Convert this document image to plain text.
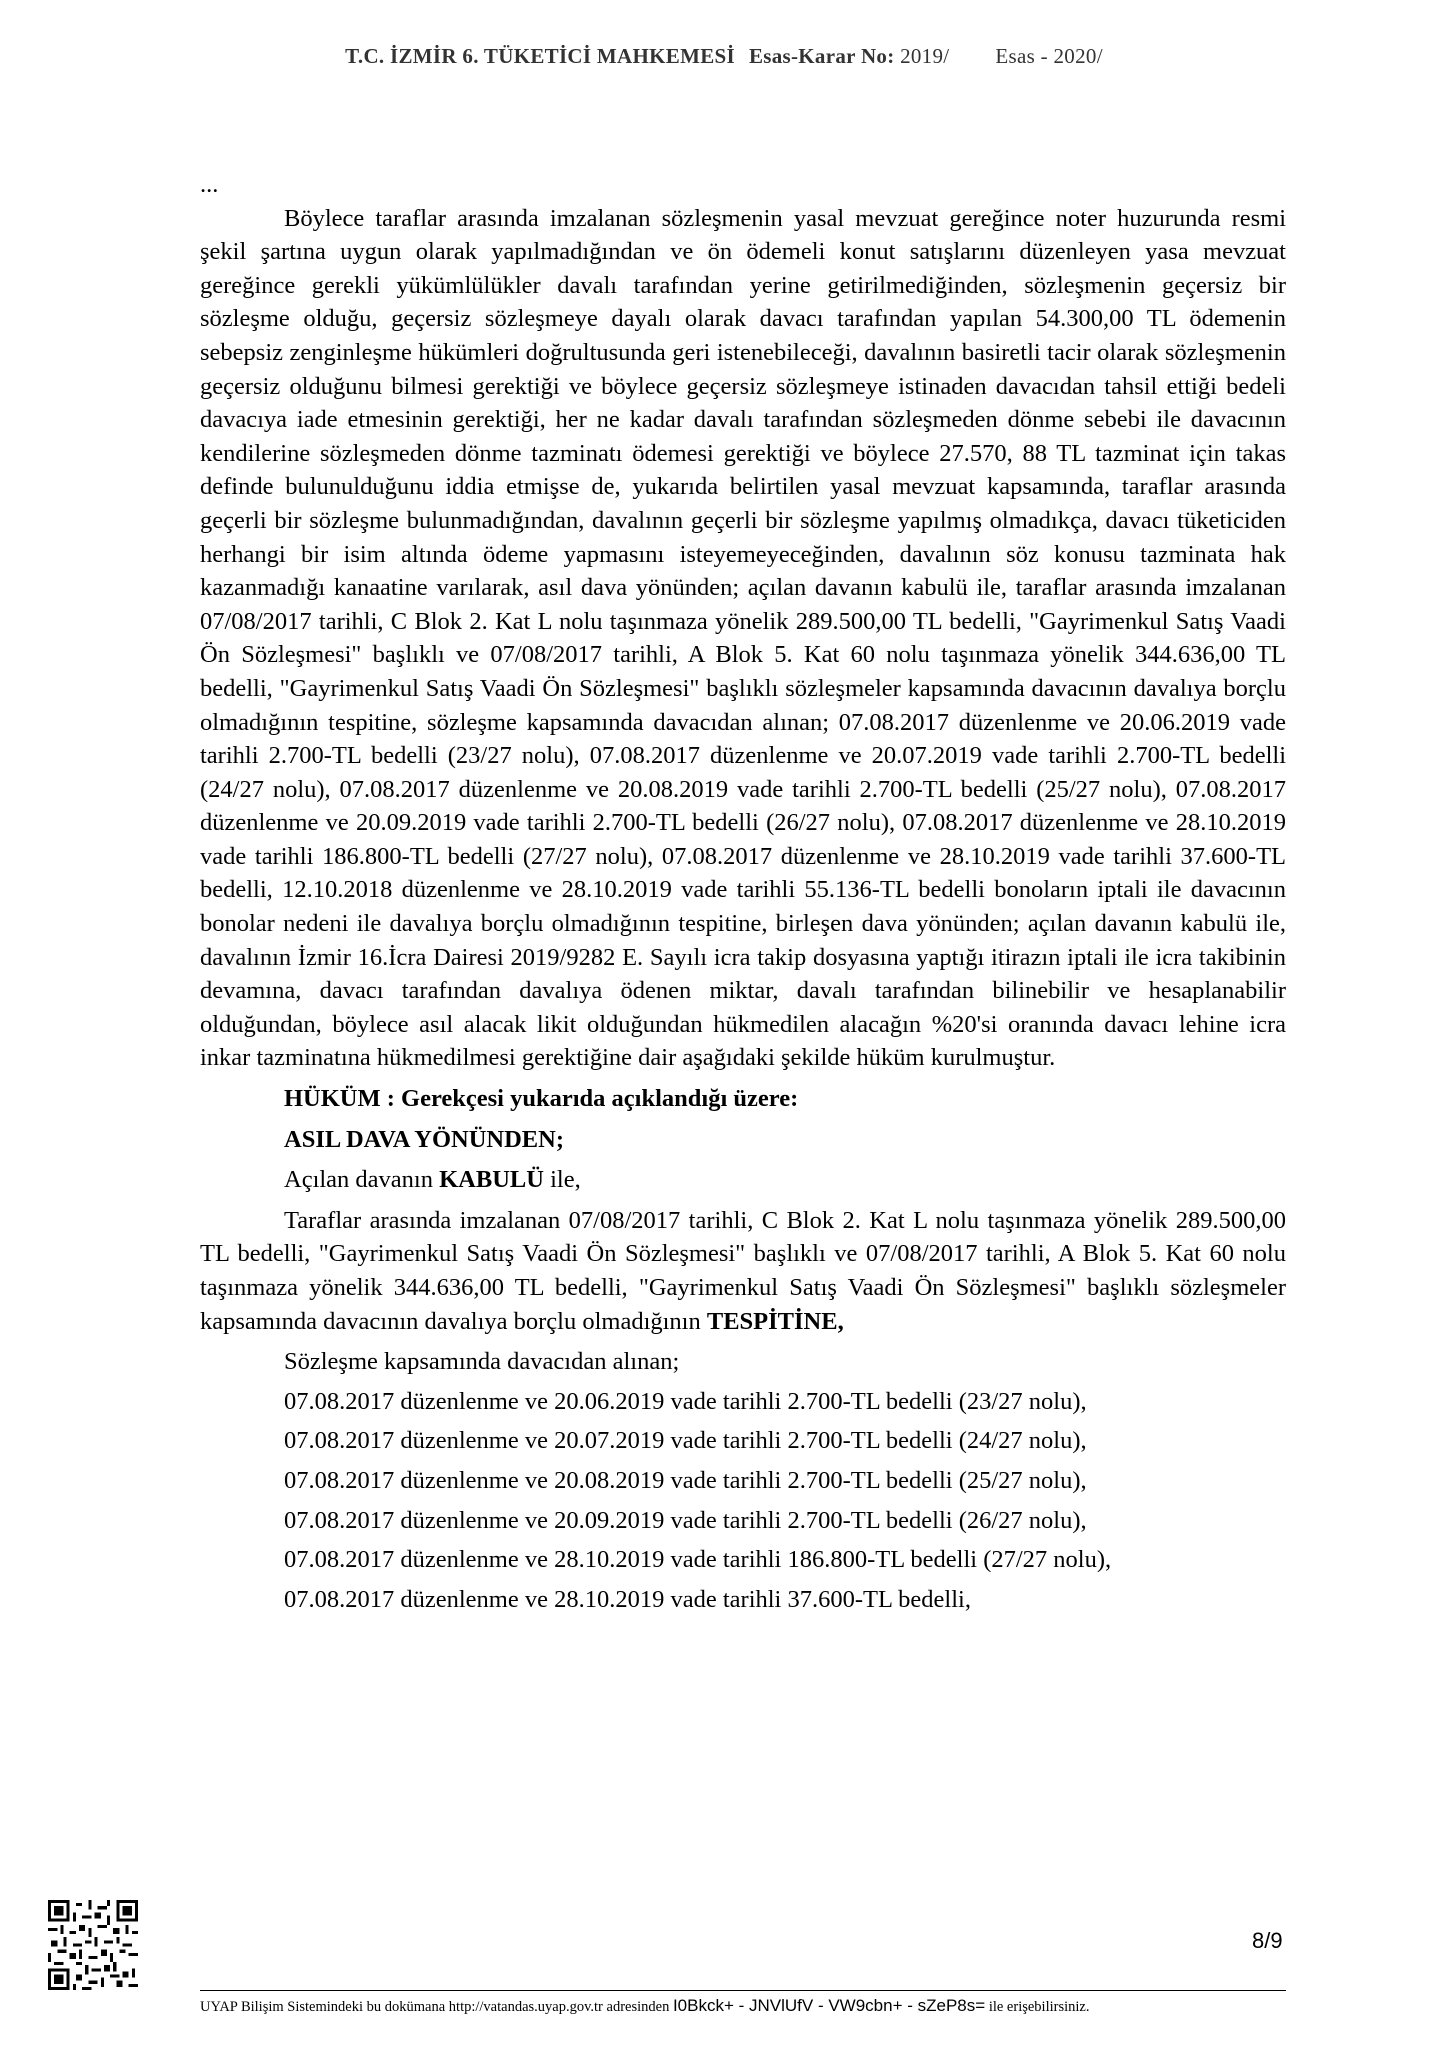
T.C. İZMİR 6. TÜKETİCİ MAHKEMESİ Esas-Karar No: 2019/ Esas - 2020/

...

Böylece taraflar arasında imzalanan sözleşmenin yasal mevzuat gereğince noter huzurunda resmi şekil şartına uygun olarak yapılmadığından ve ön ödemeli konut satışlarını düzenleyen yasa mevzuat gereğince gerekli yükümlülükler davalı tarafından yerine getirilmediğinden, sözleşmenin geçersiz bir sözleşme olduğu, geçersiz sözleşmeye dayalı olarak davacı tarafından yapılan 54.300,00 TL ödemenin sebepsiz zenginleşme hükümleri doğrultusunda geri istenebileceği, davalının basiretli tacir olarak sözleşmenin geçersiz olduğunu bilmesi gerektiği ve böylece geçersiz sözleşmeye istinaden davacıdan tahsil ettiği bedeli davacıya iade etmesinin gerektiği, her ne kadar davalı tarafından sözleşmeden dönme sebebi ile davacının kendilerine sözleşmeden dönme tazminatı ödemesi gerektiği ve böylece 27.570, 88 TL tazminat için takas definde bulunulduğunu iddia etmişse de, yukarıda belirtilen yasal mevzuat kapsamında, taraflar arasında geçerli bir sözleşme bulunmadığından, davalının geçerli bir sözleşme yapılmış olmadıkça, davacı tüketiciden herhangi bir isim altında ödeme yapmasını isteyemeyeceğinden, davalının söz konusu tazminata hak kazanmadığı kanaatine varılarak, asıl dava yönünden; açılan davanın kabulü ile, taraflar arasında imzalanan 07/08/2017 tarihli, C Blok 2. Kat L nolu taşınmaza yönelik 289.500,00 TL bedelli, "Gayrimenkul Satış Vaadi Ön Sözleşmesi" başlıklı ve 07/08/2017 tarihli, A Blok 5. Kat 60 nolu taşınmaza yönelik 344.636,00 TL bedelli, "Gayrimenkul Satış Vaadi Ön Sözleşmesi" başlıklı sözleşmeler kapsamında davacının davalıya borçlu olmadığının tespitine, sözleşme kapsamında davacıdan alınan; 07.08.2017 düzenlenme ve 20.06.2019 vade tarihli 2.700-TL bedelli (23/27 nolu), 07.08.2017 düzenlenme ve 20.07.2019 vade tarihli 2.700-TL bedelli (24/27 nolu), 07.08.2017 düzenlenme ve 20.08.2019 vade tarihli 2.700-TL bedelli (25/27 nolu), 07.08.2017 düzenlenme ve 20.09.2019 vade tarihli 2.700-TL bedelli (26/27 nolu), 07.08.2017 düzenlenme ve 28.10.2019 vade tarihli 186.800-TL bedelli (27/27 nolu), 07.08.2017 düzenlenme ve 28.10.2019 vade tarihli 37.600-TL bedelli, 12.10.2018 düzenlenme ve 28.10.2019 vade tarihli 55.136-TL bedelli bonoların iptali ile davacının bonolar nedeni ile davalıya borçlu olmadığının tespitine, birleşen dava yönünden; açılan davanın kabulü ile, davalının İzmir 16.İcra Dairesi 2019/9282 E. Sayılı icra takip dosyasına yaptığı itirazın iptali ile icra takibinin devamına, davacı tarafından davalıya ödenen miktar, davalı tarafından bilinebilir ve hesaplanabilir olduğundan, böylece asıl alacak likit olduğundan hükmedilen alacağın %20'si oranında davacı lehine icra inkar tazminatına hükmedilmesi gerektiğine dair aşağıdaki şekilde hüküm kurulmuştur.

HÜKÜM : Gerekçesi yukarıda açıklandığı üzere:

ASIL DAVA YÖNÜNDEN;

Açılan davanın KABULÜ ile,

Taraflar arasında imzalanan 07/08/2017 tarihli, C Blok 2. Kat L nolu taşınmaza yönelik 289.500,00 TL bedelli, "Gayrimenkul Satış Vaadi Ön Sözleşmesi" başlıklı ve 07/08/2017 tarihli, A Blok 5. Kat 60 nolu taşınmaza yönelik 344.636,00 TL bedelli, "Gayrimenkul Satış Vaadi Ön Sözleşmesi" başlıklı sözleşmeler kapsamında davacının davalıya borçlu olmadığının TESPİTİNE,

Sözleşme kapsamında davacıdan alınan;

07.08.2017 düzenlenme ve 20.06.2019 vade tarihli 2.700-TL bedelli (23/27 nolu),

07.08.2017 düzenlenme ve 20.07.2019 vade tarihli 2.700-TL bedelli (24/27 nolu),

07.08.2017 düzenlenme ve 20.08.2019 vade tarihli 2.700-TL bedelli (25/27 nolu),

07.08.2017 düzenlenme ve 20.09.2019 vade tarihli 2.700-TL bedelli (26/27 nolu),

07.08.2017 düzenlenme ve 28.10.2019 vade tarihli 186.800-TL bedelli (27/27 nolu),

07.08.2017 düzenlenme ve 28.10.2019 vade tarihli 37.600-TL bedelli,

8/9
UYAP Bilişim Sistemindeki bu dokümana http://vatandas.uyap.gov.tr adresinden I0Bkck+ - JNVlUfV - VW9cbn+ - sZeP8s= ile erişebilirsiniz.
